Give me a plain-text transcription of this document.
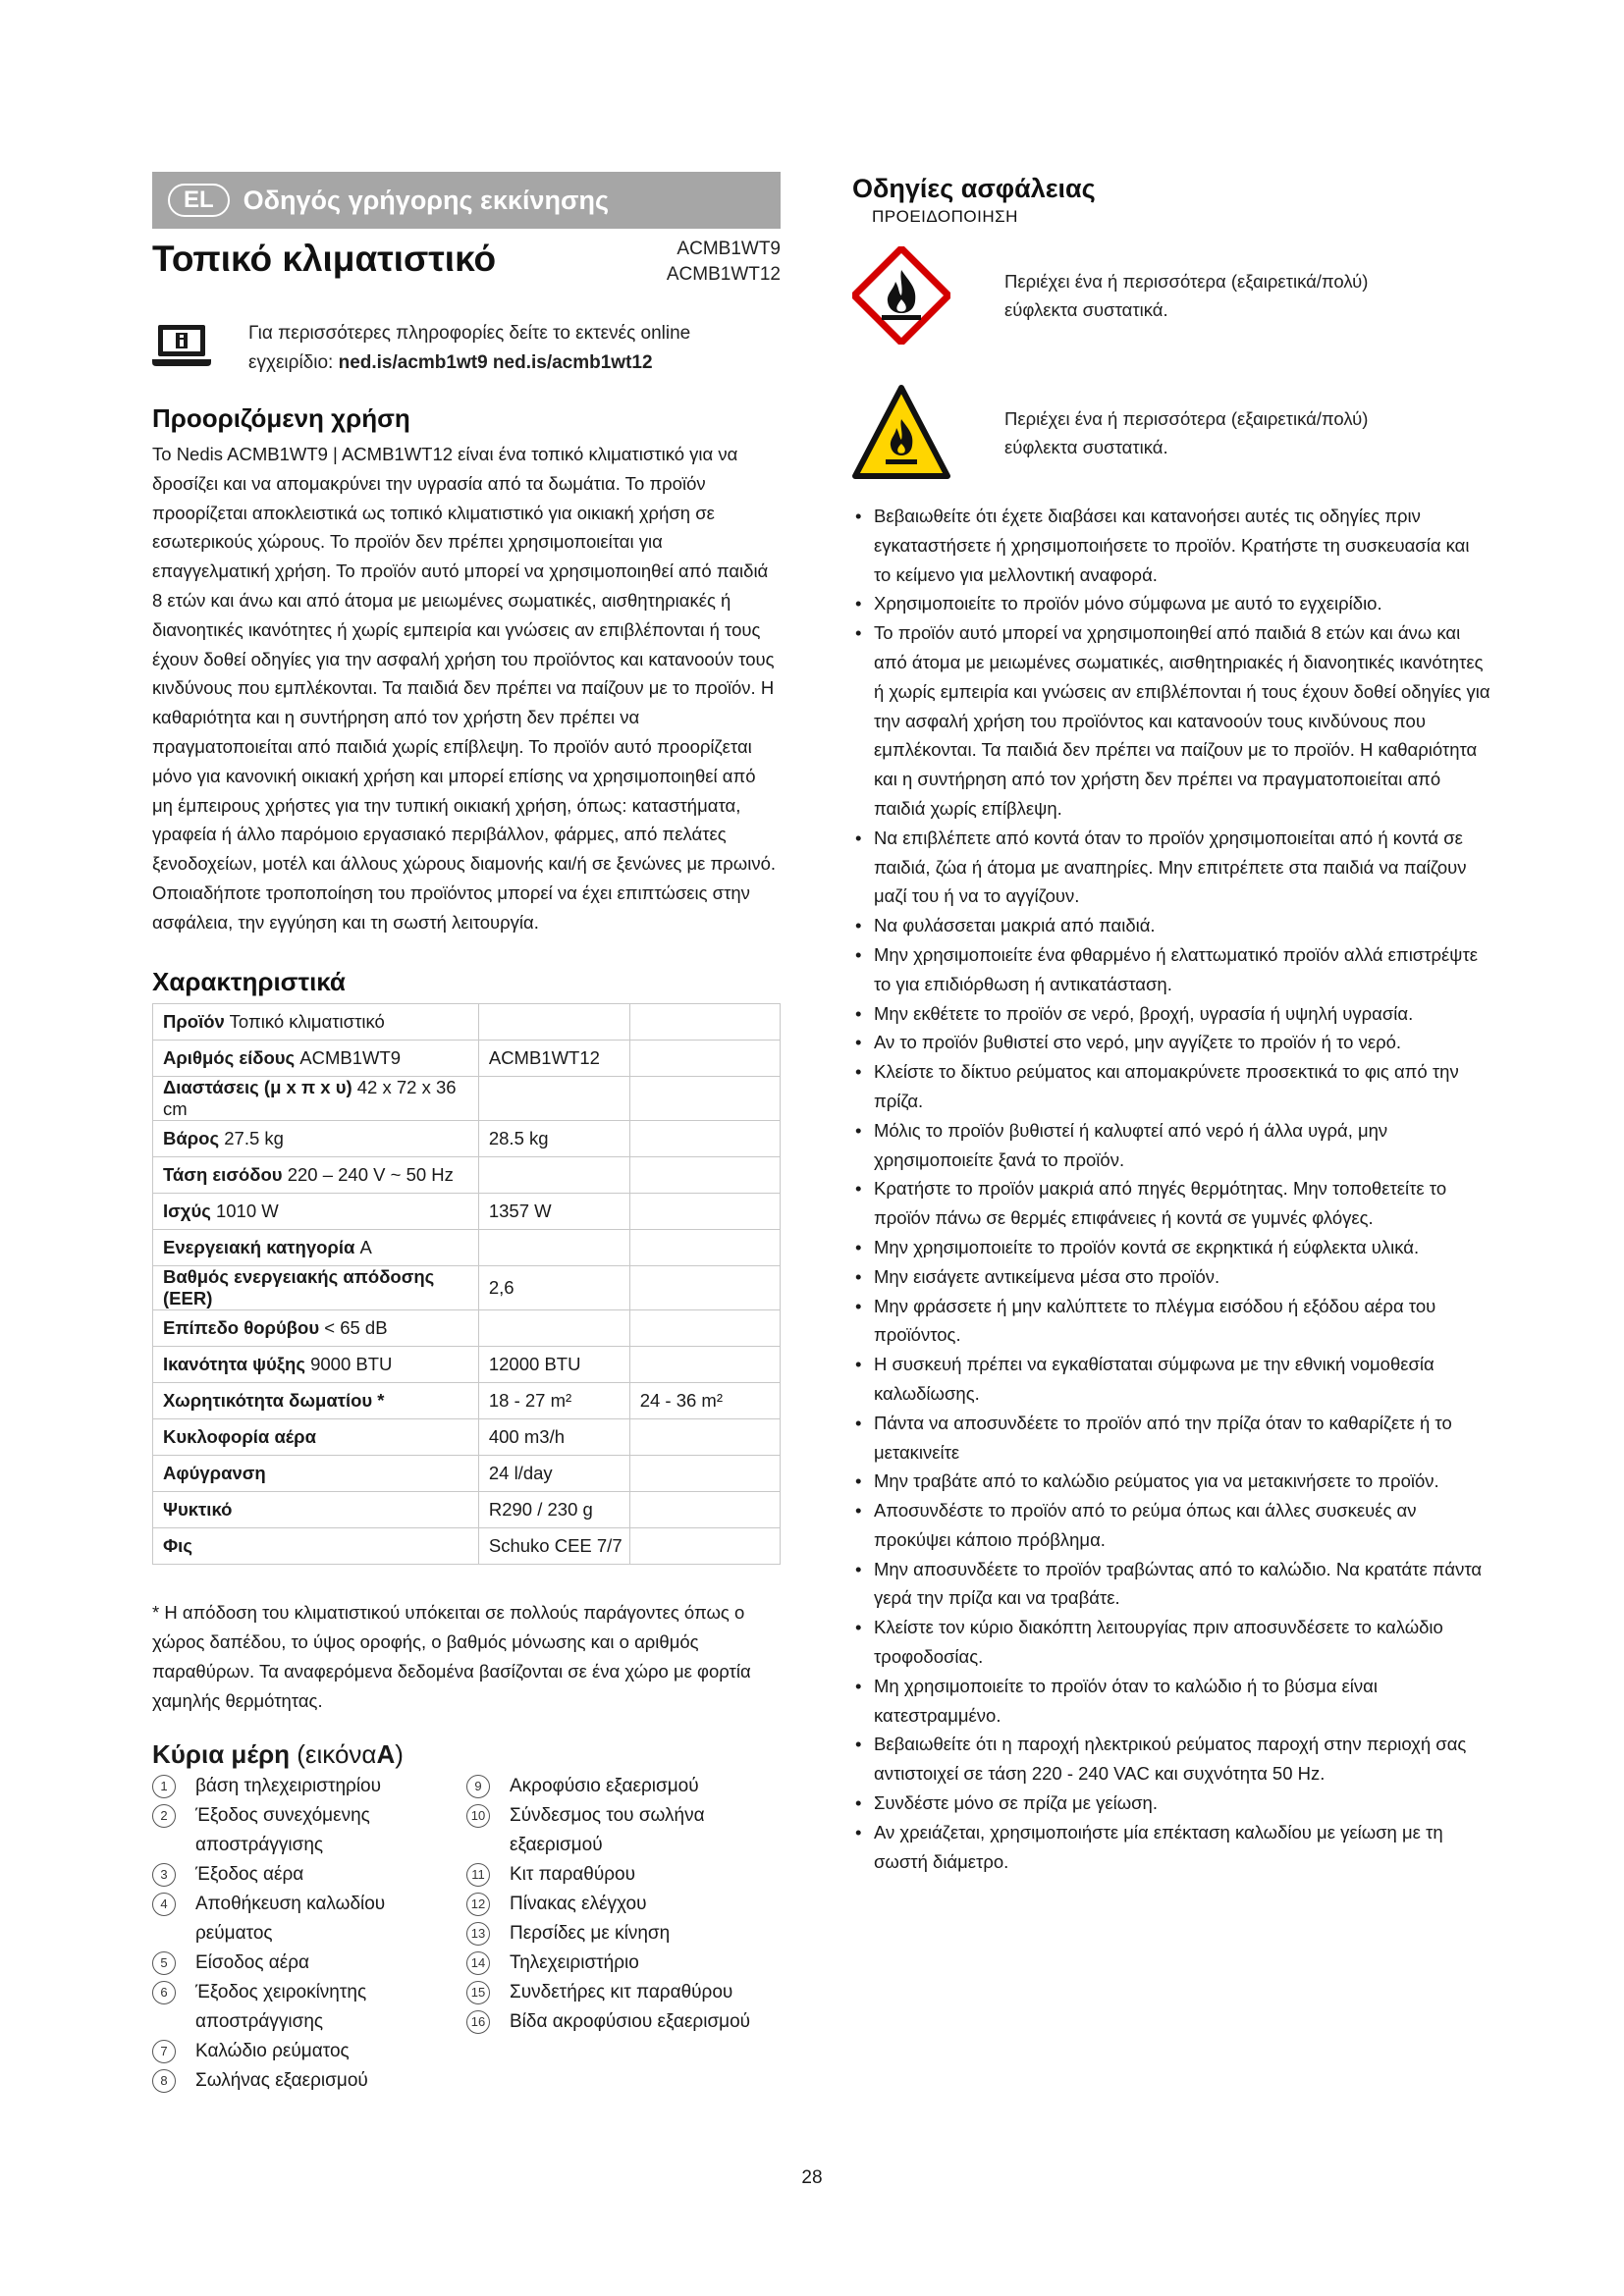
EL	Οδηγός γρήγορης εκκίνησης
Τοπικό κλιματιστικό	ACMB1WT9
ACMB1WT12
Για περισσότερες πληροφορίες δείτε το εκτενές online
εγχειρίδιο: ned.is/acmb1wt9 ned.is/acmb1wt12
Προοριζόμενη χρήση

Το Nedis ACMB1WT9 | ACMB1WT12 είναι ένα τοπικό κλιματιστικό για να δροσίζει και να απομακρύνει την υγρασία από τα δωμάτια. Το προϊόν προορίζεται αποκλειστικά ως τοπικό κλιματιστικό για οικιακή χρήση σε εσωτερικούς χώρους. Το προϊόν δεν πρέπει χρησιμοποιείται για επαγγελματική χρήση. Το προϊόν αυτό μπορεί να χρησιμοποιηθεί από παιδιά 8 ετών και άνω και από άτομα με μειωμένες σωματικές, αισθητηριακές ή διανοητικές ικανότητες ή χωρίς εμπειρία και γνώσεις αν επιβλέπονται ή τους έχουν δοθεί οδηγίες για την ασφαλή χρήση του προϊόντος και κατανοούν τους κινδύνους που εμπλέκονται. Τα παιδιά δεν πρέπει να παίζουν με το προϊόν. Η καθαριότητα και η συντήρηση από τον χρήστη δεν πρέπει να πραγματοποιείται από παιδιά χωρίς επίβλεψη. Το προϊόν αυτό προορίζεται μόνο για κανονική οικιακή χρήση και μπορεί επίσης να χρησιμοποιηθεί από μη έμπειρους χρήστες για την τυπική οικιακή χρήση, όπως: καταστήματα, γραφεία ή άλλο παρόμοιο εργασιακό περιβάλλον, φάρμες, από πελάτες ξενοδοχείων, μοτέλ και άλλους χώρους διαμονής και/ή σε ξενώνες με πρωινό. Οποιαδήποτε τροποποίηση του προϊόντος μπορεί να έχει επιπτώσεις στην ασφάλεια, την εγγύηση και τη σωστή λειτουργία.

Χαρακτηριστικά
Προϊόν Τοπικό κλιματιστικό		
Αριθμός είδους ACMB1WT9	ACMB1WT12	
Διαστάσεις (μ x π x υ) 42 x 72 x 36 cm		
Βάρος 27.5 kg	28.5 kg	
Τάση εισόδου 220 – 240 V ~ 50 Hz		
Ισχύς 1010 W	1357 W	
Ενεργειακή κατηγορία A		
Βαθμός ενεργειακής απόδοσης (EER)	2,6	
Επίπεδο θορύβου < 65 dB		
Ικανότητα ψύξης 9000 BTU	12000 BTU	
Χωρητικότητα δωματίου *	18 - 27 m²	24 - 36 m²
Κυκλοφορία αέρα	400 m3/h	
Αφύγρανση	24 l/day	
Ψυκτικό	R290 / 230 g	
Φις	Schuko CEE 7/7	
* Η απόδοση του κλιματιστικού υπόκειται σε πολλούς παράγοντες όπως ο χώρος δαπέδου, το ύψος οροφής, ο βαθμός μόνωσης και ο αριθμός παραθύρων. Τα αναφερόμενα δεδομένα βασίζονται σε ένα χώρο με φορτία χαμηλής θερμότητας.
Κύρια μέρη (εικόναA)
1	βάση τηλεχειριστηρίου
2	Έξοδος συνεχόμενης αποστράγγισης
3	Έξοδος αέρα
4	Αποθήκευση καλωδίου ρεύματος
5	Είσοδος αέρα
6	Έξοδος χειροκίνητης αποστράγγισης
7	Καλώδιο ρεύματος
8	Σωλήνας εξαερισμού
9	Ακροφύσιο εξαερισμού
10 Σύνδεσμος του σωλήνα εξαερισμού
11 Κιτ παραθύρου
12 Πίνακας ελέγχου
13 Περσίδες με κίνηση
14 Τηλεχειριστήριο
15 Συνδετήρες κιτ παραθύρου
16 Βίδα ακροφύσιου εξαερισμού
Οδηγίες ασφάλειας
ΠΡΟΕΙΔΟΠΟΙΗΣΗ
Περιέχει ένα ή περισσότερα (εξαιρετικά/πολύ)
εύφλεκτα συστατικά.
Περιέχει ένα ή περισσότερα (εξαιρετικά/πολύ)
εύφλεκτα συστατικά.
• Βεβαιωθείτε ότι έχετε διαβάσει και κατανοήσει αυτές τις οδηγίες πριν εγκαταστήσετε ή χρησιμοποιήσετε το προϊόν. Κρατήστε τη συσκευασία και το κείμενο για μελλοντική αναφορά.
• Χρησιμοποιείτε το προϊόν μόνο σύμφωνα με αυτό το εγχειρίδιο.
• Το προϊόν αυτό μπορεί να χρησιμοποιηθεί από παιδιά 8 ετών και άνω και από άτομα με μειωμένες σωματικές, αισθητηριακές ή διανοητικές ικανότητες ή χωρίς εμπειρία και γνώσεις αν επιβλέπονται ή τους έχουν δοθεί οδηγίες για την ασφαλή χρήση του προϊόντος και κατανοούν τους κινδύνους που εμπλέκονται. Τα παιδιά δεν πρέπει να παίζουν με το προϊόν. Η καθαριότητα και η συντήρηση από τον χρήστη δεν πρέπει να πραγματοποιείται από παιδιά χωρίς επίβλεψη.
• Να επιβλέπετε από κοντά όταν το προϊόν χρησιμοποιείται από ή κοντά σε παιδιά, ζώα ή άτομα με αναπηρίες. Μην επιτρέπετε στα παιδιά να παίζουν μαζί του ή να το αγγίζουν.
• Να φυλάσσεται μακριά από παιδιά.
• Μην χρησιμοποιείτε ένα φθαρμένο ή ελαττωματικό προϊόν αλλά επιστρέψτε το για επιδιόρθωση ή αντικατάσταση.
• Μην εκθέτετε το προϊόν σε νερό, βροχή, υγρασία ή υψηλή υγρασία.
• Αν το προϊόν βυθιστεί στο νερό, μην αγγίζετε το προϊόν ή το νερό.
• Κλείστε το δίκτυο ρεύματος και απομακρύνετε προσεκτικά το φις από την πρίζα.
• Μόλις το προϊόν βυθιστεί ή καλυφτεί από νερό ή άλλα υγρά, μην χρησιμοποιείτε ξανά το προϊόν.
• Κρατήστε το προϊόν μακριά από πηγές θερμότητας. Μην τοποθετείτε το προϊόν πάνω σε θερμές επιφάνειες ή κοντά σε γυμνές φλόγες.
• Μην χρησιμοποιείτε το προϊόν κοντά σε εκρηκτικά ή εύφλεκτα υλικά.
• Μην εισάγετε αντικείμενα μέσα στο προϊόν.
• Μην φράσσετε ή μην καλύπτετε το πλέγμα εισόδου ή εξόδου αέρα του προϊόντος.
• Η συσκευή πρέπει να εγκαθίσταται σύμφωνα με την εθνική νομοθεσία καλωδίωσης.
• Πάντα να αποσυνδέετε το προϊόν από την πρίζα όταν το καθαρίζετε ή το μετακινείτε
• Μην τραβάτε από το καλώδιο ρεύματος για να μετακινήσετε το προϊόν.
• Αποσυνδέστε το προϊόν από το ρεύμα όπως και άλλες συσκευές αν προκύψει κάποιο πρόβλημα.
• Μην αποσυνδέετε το προϊόν τραβώντας από το καλώδιο. Να κρατάτε πάντα γερά την πρίζα και να τραβάτε.
• Κλείστε τον κύριο διακόπτη λειτουργίας πριν αποσυνδέσετε το καλώδιο τροφοδοσίας.
• Μη χρησιμοποιείτε το προϊόν όταν το καλώδιο ή το βύσμα είναι κατεστραμμένο.
• Βεβαιωθείτε ότι η παροχή ηλεκτρικού ρεύματος παροχή στην περιοχή σας αντιστοιχεί σε τάση 220 - 240 VAC και συχνότητα 50 Hz.
• Συνδέστε μόνο σε πρίζα με γείωση.
• Αν χρειάζεται, χρησιμοποιήστε μία επέκταση καλωδίου με γείωση με τη σωστή διάμετρο.
28
